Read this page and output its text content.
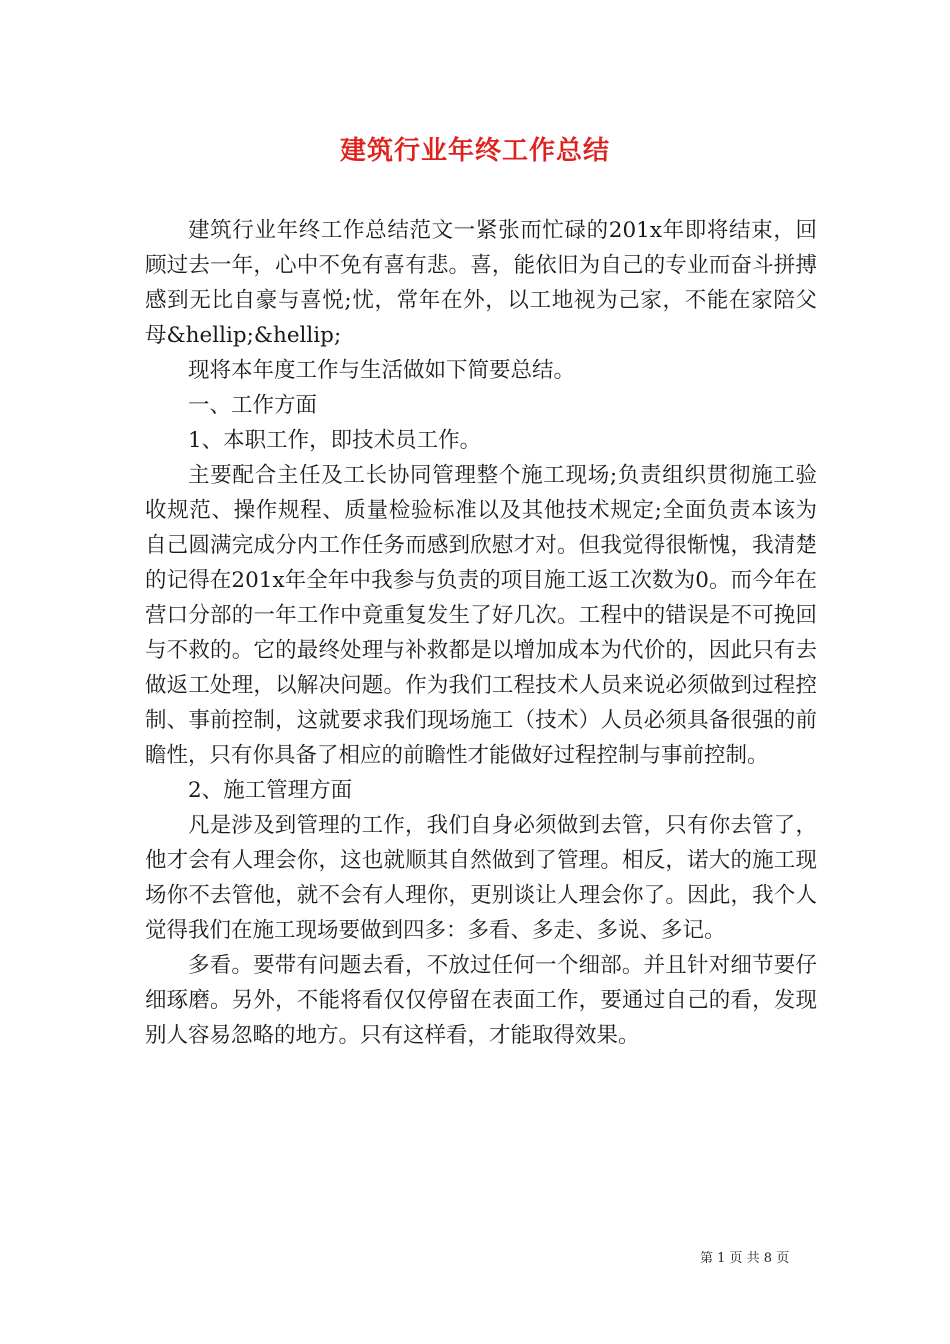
建筑行业年终工作总结

建筑行业年终工作总结范文一紧张而忙碌的201x年即将结束，回顾过去一年，心中不免有喜有悲。喜，能依旧为自己的专业而奋斗拼搏感到无比自豪与喜悦;忧，常年在外，以工地视为己家，不能在家陪父母&hellip;&hellip;

现将本年度工作与生活做如下简要总结。

一、工作方面

1、本职工作，即技术员工作。

主要配合主任及工长协同管理整个施工现场;负责组织贯彻施工验收规范、操作规程、质量检验标准以及其他技术规定;全面负责本该为自己圆满完成分内工作任务而感到欣慰才对。但我觉得很惭愧，我清楚的记得在201x年全年中我参与负责的项目施工返工次数为0。而今年在营口分部的一年工作中竟重复发生了好几次。工程中的错误是不可挽回与不救的。它的最终处理与补救都是以增加成本为代价的，因此只有去做返工处理，以解决问题。作为我们工程技术人员来说必须做到过程控制、事前控制，这就要求我们现场施工（技术）人员必须具备很强的前瞻性，只有你具备了相应的前瞻性才能做好过程控制与事前控制。

2、施工管理方面

凡是涉及到管理的工作，我们自身必须做到去管，只有你去管了，他才会有人理会你，这也就顺其自然做到了管理。相反，诺大的施工现场你不去管他，就不会有人理你，更别谈让人理会你了。因此，我个人觉得我们在施工现场要做到四多：多看、多走、多说、多记。

多看。要带有问题去看，不放过任何一个细部。并且针对细节要仔细琢磨。另外，不能将看仅仅停留在表面工作，要通过自己的看，发现别人容易忽略的地方。只有这样看，才能取得效果。

第 1 页 共 8 页
